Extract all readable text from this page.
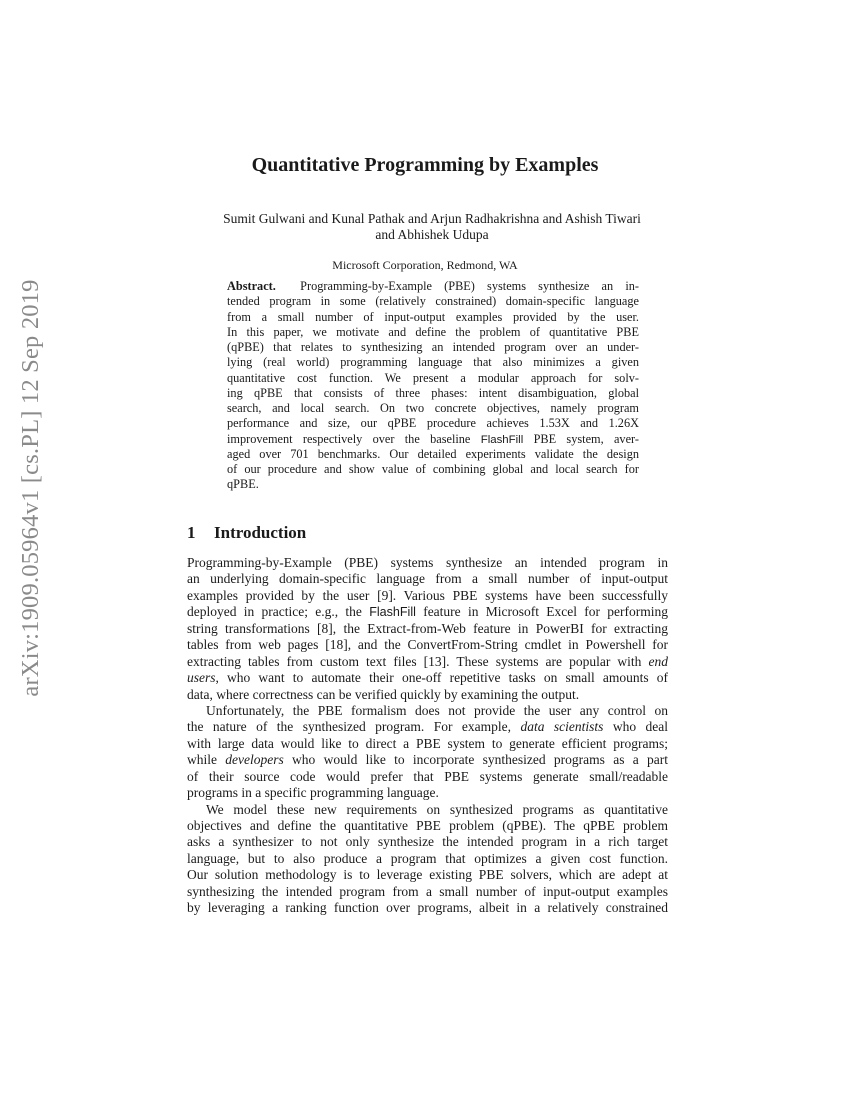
arXiv:1909.05964v1 [cs.PL] 12 Sep 2019
Quantitative Programming by Examples
Sumit Gulwani and Kunal Pathak and Arjun Radhakrishna and Ashish Tiwari
and Abhishek Udupa
Microsoft Corporation, Redmond, WA
Abstract. Programming-by-Example (PBE) systems synthesize an in-
tended program in some (relatively constrained) domain-specific language
from a small number of input-output examples provided by the user.
In this paper, we motivate and define the problem of quantitative PBE
(qPBE) that relates to synthesizing an intended program over an under-
lying (real world) programming language that also minimizes a given
quantitative cost function. We present a modular approach for solv-
ing qPBE that consists of three phases: intent disambiguation, global
search, and local search. On two concrete objectives, namely program
performance and size, our qPBE procedure achieves 1.53X and 1.26X
improvement respectively over the baseline FlashFill PBE system, aver-
aged over 701 benchmarks. Our detailed experiments validate the design
of our procedure and show value of combining global and local search for
qPBE.
1 Introduction
Programming-by-Example (PBE) systems synthesize an intended program in
an underlying domain-specific language from a small number of input-output
examples provided by the user [9]. Various PBE systems have been successfully
deployed in practice; e.g., the FlashFill feature in Microsoft Excel for performing
string transformations [8], the Extract-from-Web feature in PowerBI for extracting
tables from web pages [18], and the ConvertFrom-String cmdlet in Powershell for
extracting tables from custom text files [13]. These systems are popular with end
users, who want to automate their one-off repetitive tasks on small amounts of
data, where correctness can be verified quickly by examining the output.
Unfortunately, the PBE formalism does not provide the user any control on
the nature of the synthesized program. For example, data scientists who deal
with large data would like to direct a PBE system to generate efficient programs;
while developers who would like to incorporate synthesized programs as a part
of their source code would prefer that PBE systems generate small/readable
programs in a specific programming language.
We model these new requirements on synthesized programs as quantitative
objectives and define the quantitative PBE problem (qPBE). The qPBE problem
asks a synthesizer to not only synthesize the intended program in a rich target
language, but to also produce a program that optimizes a given cost function.
Our solution methodology is to leverage existing PBE solvers, which are adept at
synthesizing the intended program from a small number of input-output examples
by leveraging a ranking function over programs, albeit in a relatively constrained
